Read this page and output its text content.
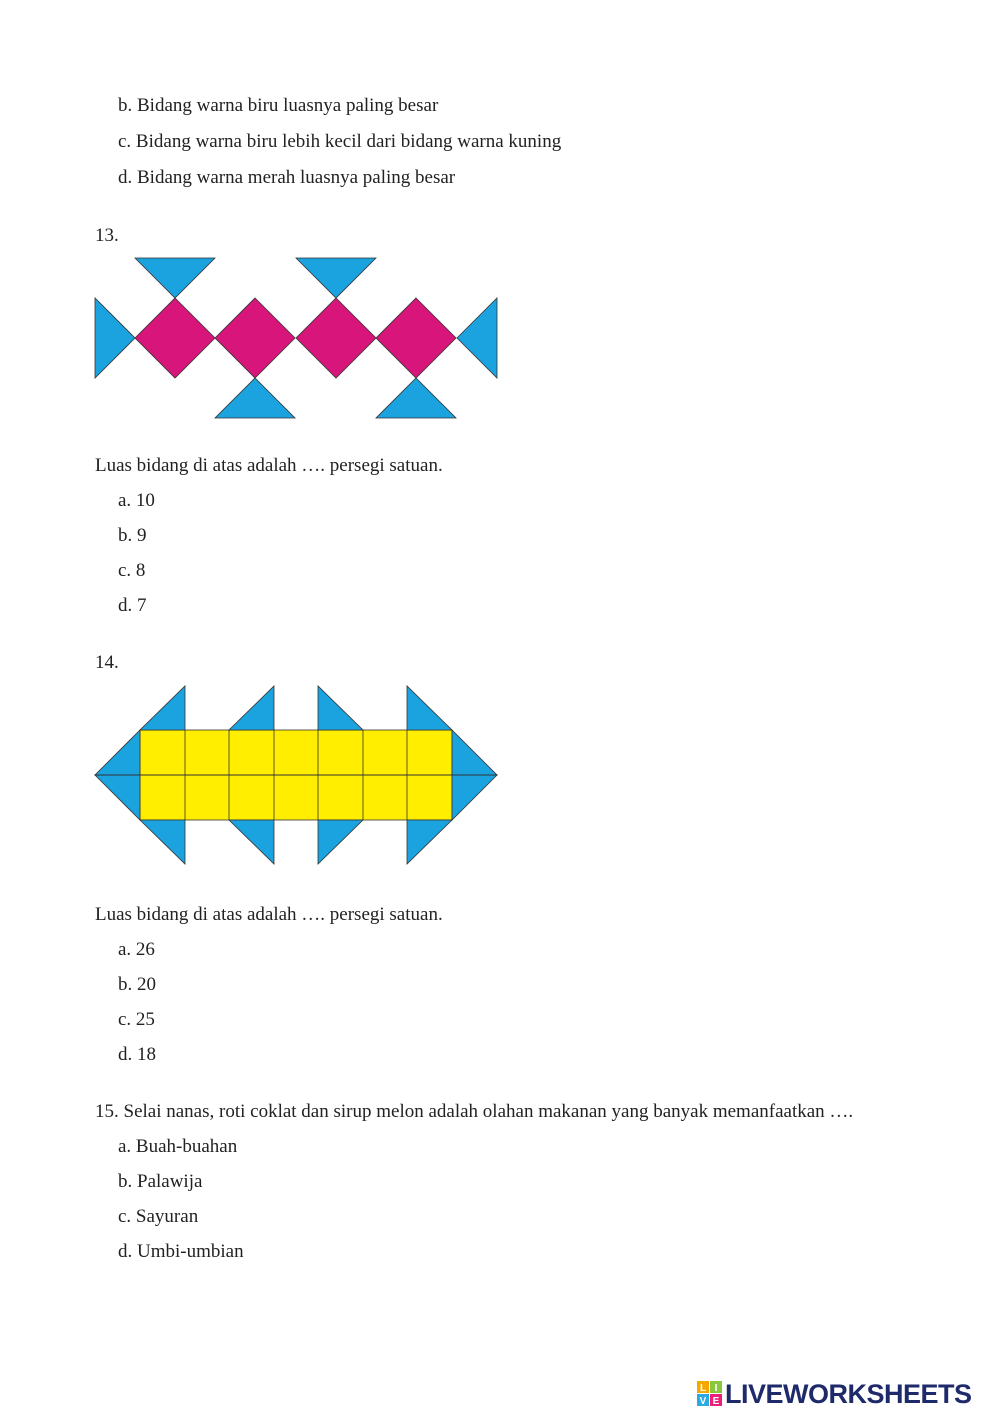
b. Bidang warna biru luasnya paling besar
c. Bidang warna biru lebih kecil dari bidang warna kuning
d. Bidang warna merah luasnya paling besar
13.
Luas bidang di atas adalah …. persegi satuan.
a. 10
b. 9
c. 8
d. 7
14.
Luas bidang di atas adalah …. persegi satuan.
a. 26
b. 20
c. 25
d. 18
15. Selai nanas, roti coklat dan sirup melon adalah olahan makanan yang banyak memanfaatkan ….
a. Buah-buahan
b. Palawija
c. Sayuran
d. Umbi-umbian
L I
V E LIVEWORKSHEETS
